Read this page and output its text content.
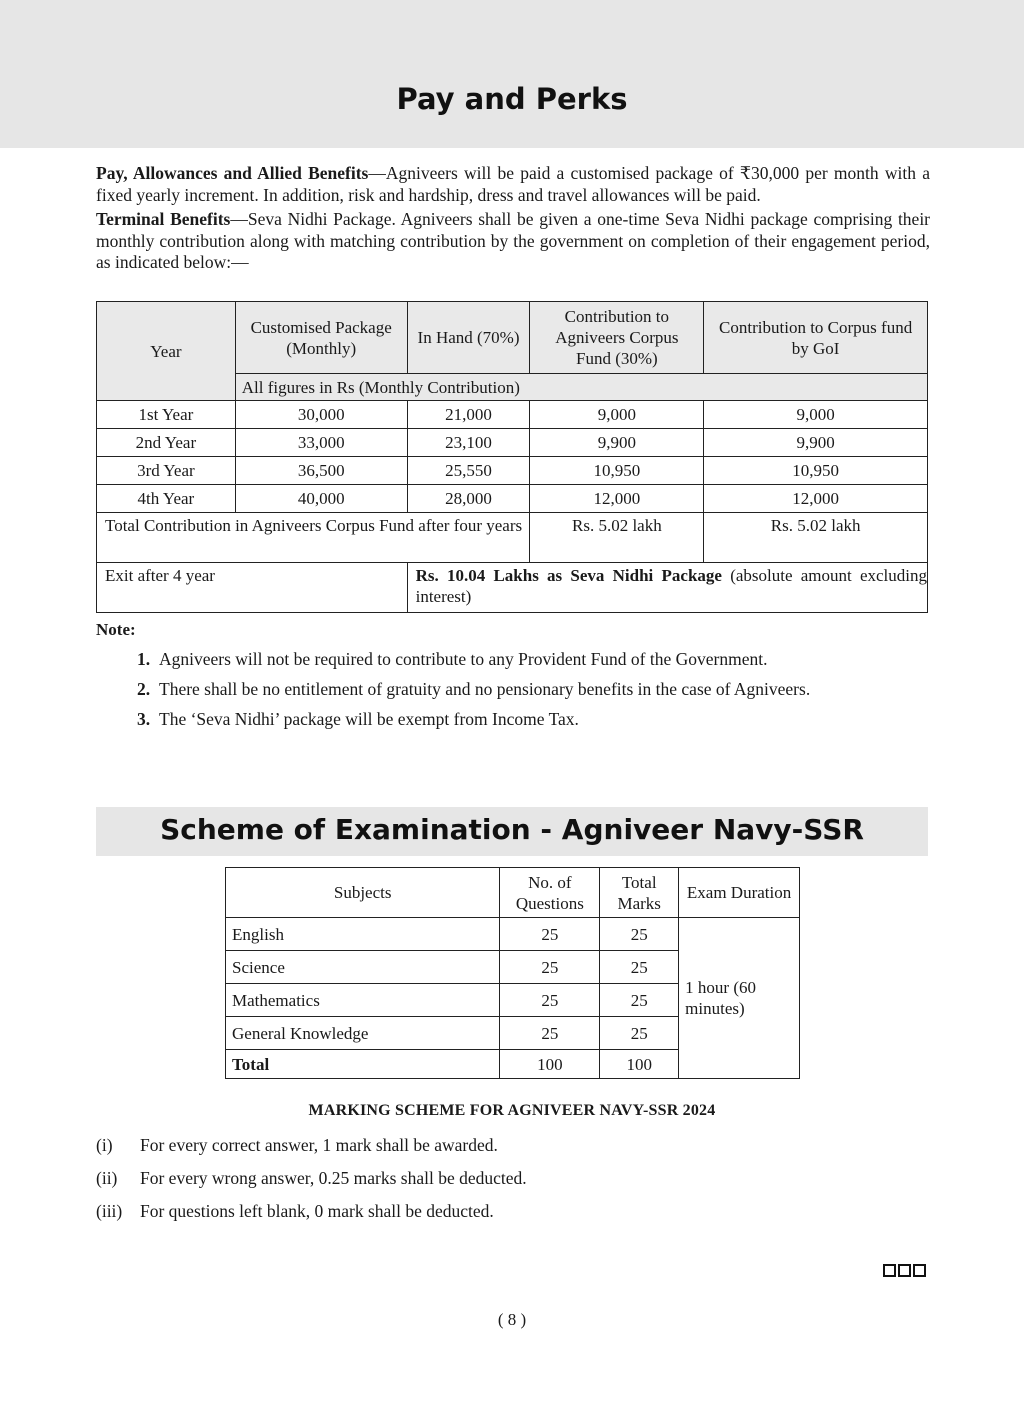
Pay and Perks

Pay, Allowances and Allied Benefits—Agniveers will be paid a customised package of ₹30,000 per month with a fixed yearly increment. In addition, risk and hardship, dress and travel allowances will be paid.

Terminal Benefits—Seva Nidhi Package. Agniveers shall be given a one-time Seva Nidhi package comprising their monthly contribution along with matching contribution by the government on completion of their engagement period, as indicated below:—

Year	Customised Package (Monthly)	In Hand (70%)	Contribution to Agniveers Corpus Fund (30%)	Contribution to Corpus fund by GoI
	All figures in Rs (Monthly Contribution)			
1st Year	30,000	21,000	9,000	9,000
2nd Year	33,000	23,100	9,900	9,900
3rd Year	36,500	25,550	10,950	10,950
4th Year	40,000	28,000	12,000	12,000
Total Contribution in Agniveers Corpus Fund after four years			Rs. 5.02 lakh	Rs. 5.02 lakh
Exit after 4 year		Rs. 10.04 Lakhs as Seva Nidhi Package (absolute amount excluding interest)		
Note:
1. Agniveers will not be required to contribute to any Provident Fund of the Government.
2. There shall be no entitlement of gratuity and no pensionary benefits in the case of Agniveers.
3. The ‘Seva Nidhi’ package will be exempt from Income Tax.
Scheme of Examination - Agniveer Navy-SSR
Subjects	No. of Questions	Total Marks	Exam Duration
English	25	25	1 hour (60 minutes)
Science	25	25	
Mathematics	25	25	
General Knowledge	25	25	
Total	100	100	
MARKING SCHEME FOR AGNIVEER NAVY-SSR 2024
(i) For every correct answer, 1 mark shall be awarded.
(ii) For every wrong answer, 0.25 marks shall be deducted.
(iii) For questions left blank, 0 mark shall be deducted.
( 8 )
